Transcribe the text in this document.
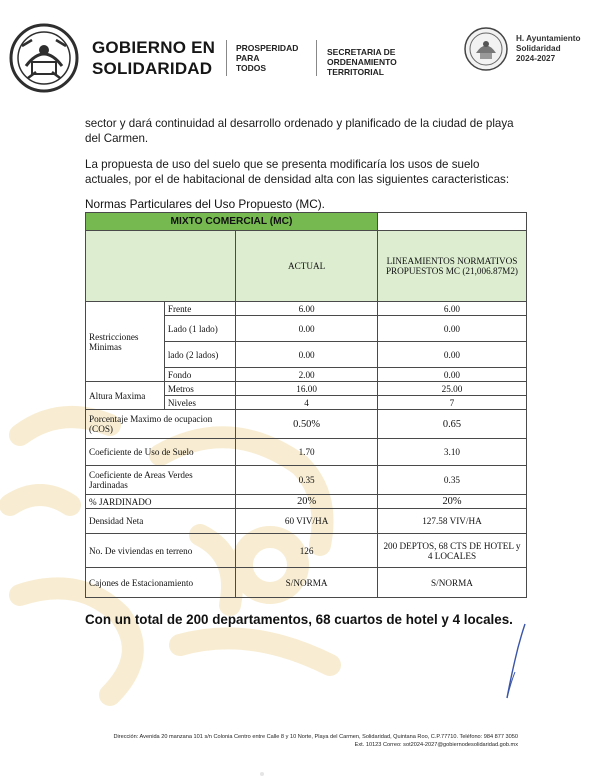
GOBIERNO EN
SOLIDARIDAD
PROSPERIDAD
PARA
TODOS
SECRETARIA DE
ORDENAMIENTO
TERRITORIAL
H. Ayuntamiento
Solidaridad
2024-2027
sector y dará continuidad al desarrollo ordenado y planificado de la ciudad de playa del Carmen.
La propuesta de uso del suelo que se presenta modificaría los usos de suelo actuales, por el de habitacional de densidad alta con las siguientes caracteristicas:
Normas Particulares del Uso Propuesto (MC).
MIXTO COMERCIAL (MC)			
		ACTUAL	LINEAMIENTOS NORMATIVOS PROPUESTOS MC (21,006.87M2)
Restricciones Minimas	Frente	6.00	6.00
	Lado (1 lado)	0.00	0.00
	lado (2 lados)	0.00	0.00
	Fondo	2.00	0.00
Altura Maxima	Metros	16.00	25.00
	Niveles	4	7
Porcentaje Maximo de ocupacion (COS)		0.50%	0.65
Coeficiente de Uso de Suelo		1.70	3.10
Coeficiente de Areas Verdes Jardinadas		0.35	0.35
% JARDINADO		20%	20%
Densidad Neta		60 VIV/HA	127.58 VIV/HA
No. De viviendas en terreno		126	200 DEPTOS, 68 CTS DE HOTEL y 4 LOCALES
Cajones de Estacionamiento		S/NORMA	S/NORMA
Con un total de 200 departamentos, 68 cuartos de hotel y 4 locales.
Dirección: Avenida 20 manzana 101 s/n Colonia Centro entre Calle 8 y 10 Norte, Playa del Carmen, Solidaridad, Quintana Roo, C.P.77710. Teléfono: 984 877 3050
Ext. 10123 Correo: sot2024-2027@gobiernodesolidaridad.gob.mx
